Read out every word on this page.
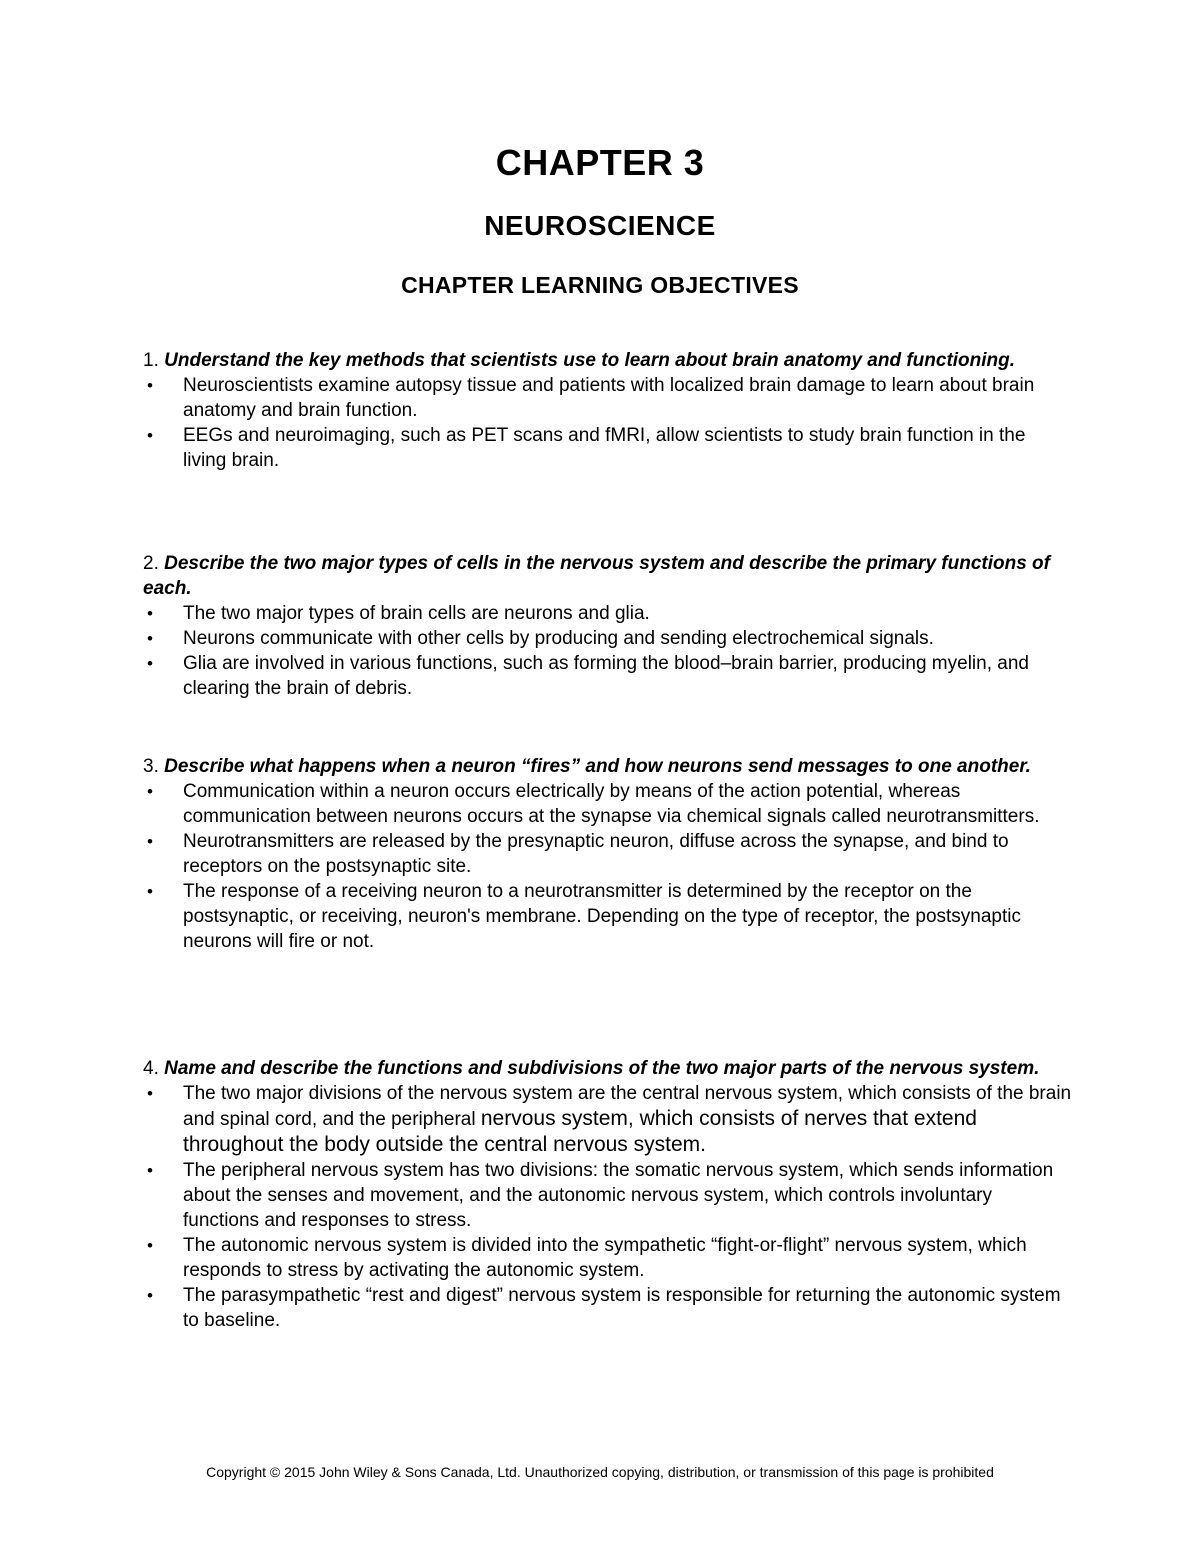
CHAPTER 3
NEUROSCIENCE
CHAPTER LEARNING OBJECTIVES

1. Understand the key methods that scientists use to learn about brain anatomy and functioning.

• Neuroscientists examine autopsy tissue and patients with localized brain damage to learn about brain anatomy and brain function.
• EEGs and neuroimaging, such as PET scans and fMRI, allow scientists to study brain function in the living brain.

2. Describe the two major types of cells in the nervous system and describe the primary functions of each.

• The two major types of brain cells are neurons and glia.
• Neurons communicate with other cells by producing and sending electrochemical signals.
• Glia are involved in various functions, such as forming the blood–brain barrier, producing myelin, and clearing the brain of debris.

3. Describe what happens when a neuron “fires” and how neurons send messages to one another.

• Communication within a neuron occurs electrically by means of the action potential, whereas communication between neurons occurs at the synapse via chemical signals called neurotransmitters.
• Neurotransmitters are released by the presynaptic neuron, diffuse across the synapse, and bind to receptors on the postsynaptic site.
• The response of a receiving neuron to a neurotransmitter is determined by the receptor on the postsynaptic, or receiving, neuron's membrane. Depending on the type of receptor, the postsynaptic neurons will fire or not.

4. Name and describe the functions and subdivisions of the two major parts of the nervous system.

• The two major divisions of the nervous system are the central nervous system, which consists of the brain and spinal cord, and the peripheral nervous system, which consists of nerves that extend throughout the body outside the central nervous system.
• The peripheral nervous system has two divisions: the somatic nervous system, which sends information about the senses and movement, and the autonomic nervous system, which controls involuntary functions and responses to stress.
• The autonomic nervous system is divided into the sympathetic “fight-or-flight” nervous system, which responds to stress by activating the autonomic system.
• The parasympathetic “rest and digest” nervous system is responsible for returning the autonomic system to baseline.

Copyright © 2015 John Wiley & Sons Canada, Ltd. Unauthorized copying, distribution, or transmission of this page is prohibited
